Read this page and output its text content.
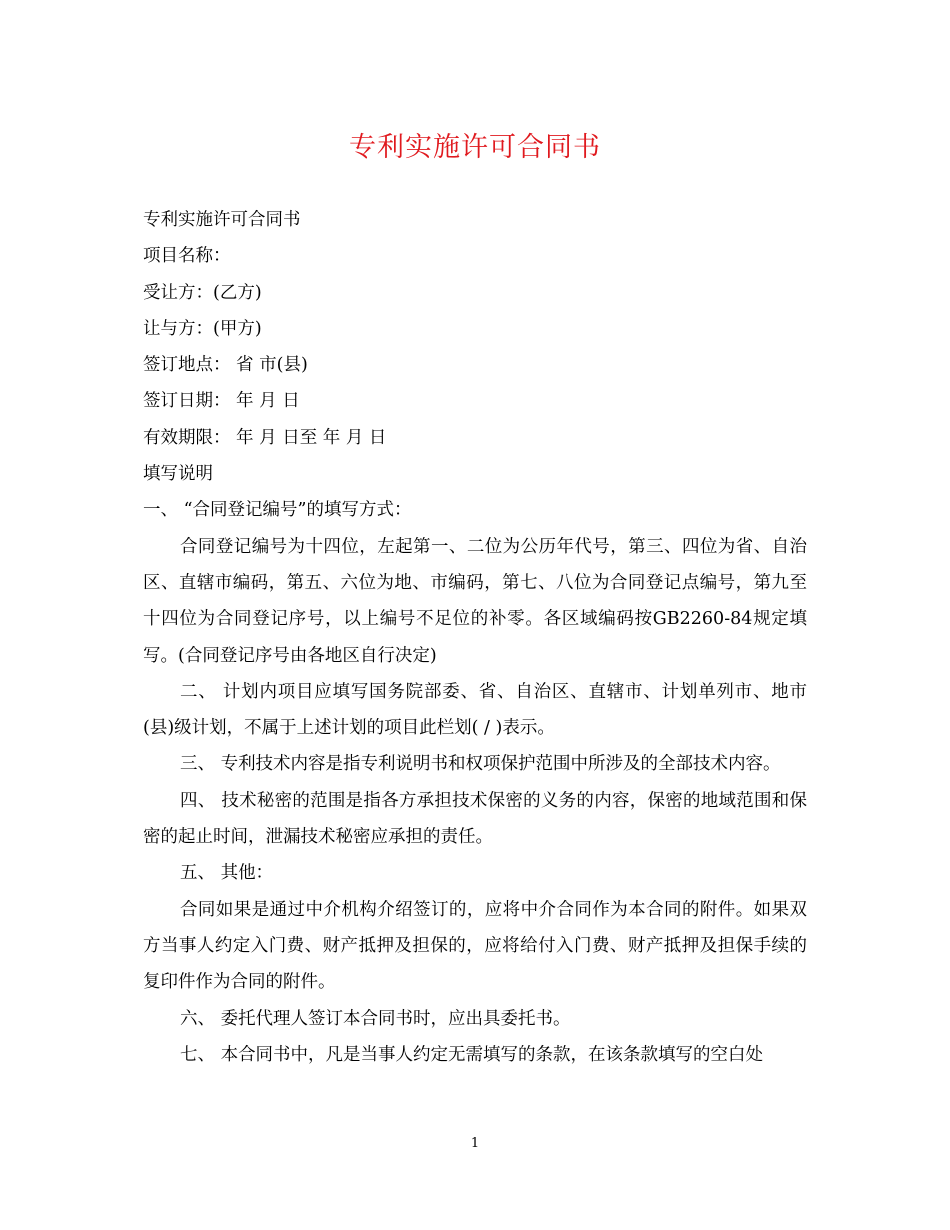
专利实施许可合同书

专利实施许可合同书

项目名称：

受让方：(乙方)

让与方：(甲方)

签订地点： 省 市(县)

签订日期： 年 月 日

有效期限： 年 月 日至 年 月 日

填写说明

一、 “合同登记编号”的填写方式：

合同登记编号为十四位，左起第一、二位为公历年代号，第三、四位为省、自治区、直辖市编码，第五、六位为地、市编码，第七、八位为合同登记点编号，第九至十四位为合同登记序号，以上编号不足位的补零。各区域编码按GB2260-84规定填写。(合同登记序号由各地区自行决定)

二、 计划内项目应填写国务院部委、省、自治区、直辖市、计划单列市、地市(县)级计划，不属于上述计划的项目此栏划( / )表示。

三、 专利技术内容是指专利说明书和权项保护范围中所涉及的全部技术内容。

四、 技术秘密的范围是指各方承担技术保密的义务的内容，保密的地域范围和保密的起止时间，泄漏技术秘密应承担的责任。

五、 其他：

合同如果是通过中介机构介绍签订的，应将中介合同作为本合同的附件。如果双方当事人约定入门费、财产抵押及担保的，应将给付入门费、财产抵押及担保手续的复印件作为合同的附件。

六、 委托代理人签订本合同书时，应出具委托书。

七、 本合同书中，凡是当事人约定无需填写的条款，在该条款填写的空白处

1
